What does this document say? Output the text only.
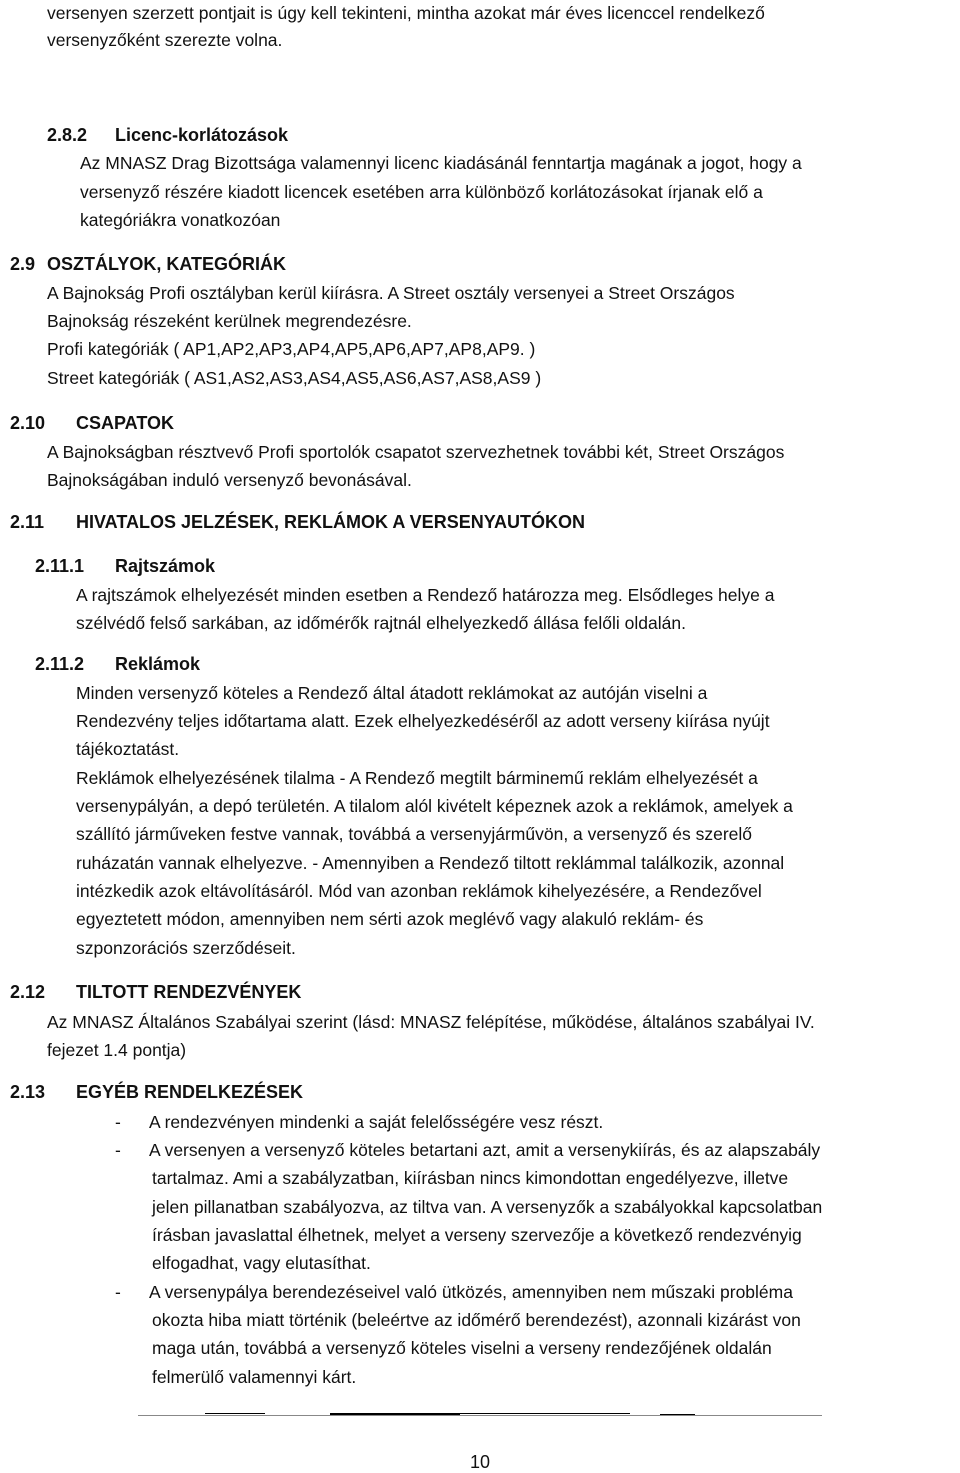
versenyen szerzett pontjait is úgy kell tekinteni, mintha azokat már éves licenccel rendelkező
versenyzőként szerezte volna.
2.8.2 Licenc-korlátozások
Az MNASZ Drag Bizottsága valamennyi licenc kiadásánál fenntartja magának a jogot, hogy a
versenyző részére kiadott licencek esetében arra különböző korlátozásokat írjanak elő a
kategóriákra vonatkozóan
2.9 OSZTÁLYOK, KATEGÓRIÁK
A Bajnokság Profi osztályban kerül kiírásra. A Street osztály versenyei a Street Országos
Bajnokság részeként kerülnek megrendezésre.
Profi kategóriák ( AP1,AP2,AP3,AP4,AP5,AP6,AP7,AP8,AP9. )
Street kategóriák ( AS1,AS2,AS3,AS4,AS5,AS6,AS7,AS8,AS9 )
2.10 CSAPATOK
A Bajnokságban résztvevő Profi sportolók csapatot szervezhetnek további két, Street Országos
Bajnokságában induló versenyző bevonásával.
2.11 HIVATALOS JELZÉSEK, REKLÁMOK A VERSENYAUTÓKON
2.11.1 Rajtszámok
A rajtszámok elhelyezését minden esetben a Rendező határozza meg. Elsődleges helye a
szélvédő felső sarkában, az időmérők rajtnál elhelyezkedő állása felőli oldalán.
2.11.2 Reklámok
Minden versenyző köteles a Rendező által átadott reklámokat az autóján viselni a
Rendezvény teljes időtartama alatt. Ezek elhelyezkedéséről az adott verseny kiírása nyújt
tájékoztatást.
Reklámok elhelyezésének tilalma - A Rendező megtilt bárminemű reklám elhelyezését a
versenypályán, a depó területén. A tilalom alól kivételt képeznek azok a reklámok, amelyek a
szállító járműveken festve vannak, továbbá a versenyjárművön, a versenyző és szerelő
ruházatán vannak elhelyezve. - Amennyiben a Rendező tiltott reklámmal találkozik, azonnal
intézkedik azok eltávolításáról. Mód van azonban reklámok kihelyezésére, a Rendezővel
egyeztetett módon, amennyiben nem sérti azok meglévő vagy alakuló reklám- és
szponzorációs szerződéseit.
2.12 TILTOTT RENDEZVÉNYEK
Az MNASZ Általános Szabályai szerint (lásd: MNASZ felépítése, működése, általános szabályai IV.
fejezet 1.4 pontja)
2.13 EGYÉB RENDELKEZÉSEK
- A rendezvényen mindenki a saját felelősségére vesz részt.
- A versenyen a versenyző köteles betartani azt, amit a versenykiírás, és az alapszabály
tartalmaz. Ami a szabályzatban, kiírásban nincs kimondottan engedélyezve, illetve
jelen pillanatban szabályozva, az tiltva van. A versenyzők a szabályokkal kapcsolatban
írásban javaslattal élhetnek, melyet a verseny szervezője a következő rendezvényig
elfogadhat, vagy elutasíthat.
- A versenypálya berendezéseivel való ütközés, amennyiben nem műszaki probléma
okozta hiba miatt történik (beleértve az időmérő berendezést), azonnali kizárást von
maga után, továbbá a versenyző köteles viselni a verseny rendezőjének oldalán
felmerülő valamennyi kárt.
10
